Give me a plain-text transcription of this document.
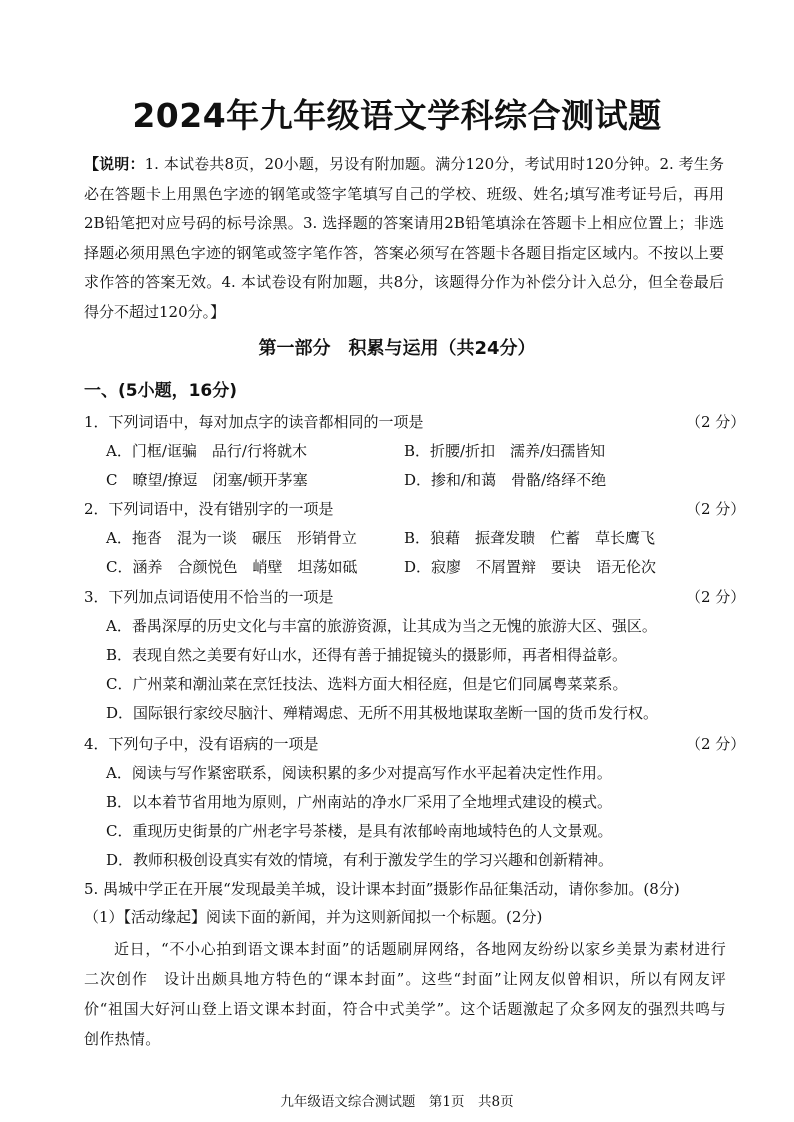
2024年九年级语文学科综合测试题
【说明：1. 本试卷共8页，20小题，另设有附加题。满分120分，考试用时120分钟。2. 考生务必在答题卡上用黑色字迹的钢笔或签字笔填写自己的学校、班级、姓名;填写准考证号后，再用2B铅笔把对应号码的标号涂黑。3. 选择题的答案请用2B铅笔填涂在答题卡上相应位置上；非选择题必须用黑色字迹的钢笔或签字笔作答，答案必须写在答题卡各题目指定区域内。不按以上要求作答的答案无效。4. 本试卷设有附加题，共8分，该题得分作为补偿分计入总分，但全卷最后得分不超过120分。】
第一部分　积累与运用（共24分）
一、(5小题，16分)
1．下列词语中，每对加点字的读音都相同的一项是	（2 分）
A．门框/诓骗　品行/行将就木	B．折腰/折扣　濡养/妇孺皆知
C　暸望/撩逗　闭塞/顿开茅塞	D．掺和/和蔼　骨骼/络绎不绝
2．下列词语中，没有错别字的一项是	（2 分）
A．拖沓　混为一谈　碾压　形销骨立	B．狼藉　振聋发聩　伫蓄　草长鹰飞
C．涵养　合颜悦色　峭壁　坦荡如砥	D．寂廖　不屑置辩　要诀　语无伦次
3．下列加点词语使用不恰当的一项是	（2 分）
A．番禺深厚的历史文化与丰富的旅游资源，让其成为当之无愧的旅游大区、强区。
B．表现自然之美要有好山水，还得有善于捕捉镜头的摄影师，再者相得益彰。
C．广州菜和潮汕菜在烹饪技法、选料方面大相径庭，但是它们同属粤菜菜系。
D．国际银行家绞尽脑汁、殚精竭虑、无所不用其极地谋取垄断一国的货币发行权。
4．下列句子中，没有语病的一项是	（2 分）
A．阅读与写作紧密联系，阅读积累的多少对提高写作水平起着决定性作用。
B．以本着节省用地为原则，广州南站的净水厂采用了全地埋式建设的模式。
C．重现历史街景的广州老字号茶楼，是具有浓郁岭南地域特色的人文景观。
D．教师积极创设真实有效的情境，有利于激发学生的学习兴趣和创新精神。
5. 禺城中学正在开展“发现最美羊城，设计课本封面”摄影作品征集活动，请你参加。(8分)
（1）【活动缘起】阅读下面的新闻，并为这则新闻拟一个标题。(2分)
近日，“不小心拍到语文课本封面”的话题刷屏网络，各地网友纷纷以家乡美景为素材进行二次创作　设计出颇具地方特色的“课本封面”。这些“封面”让网友似曾相识，所以有网友评价“祖国大好河山登上语文课本封面，符合中式美学”。这个话题激起了众多网友的强烈共鸣与创作热情。
九年级语文综合测试题　第1页　共8页
